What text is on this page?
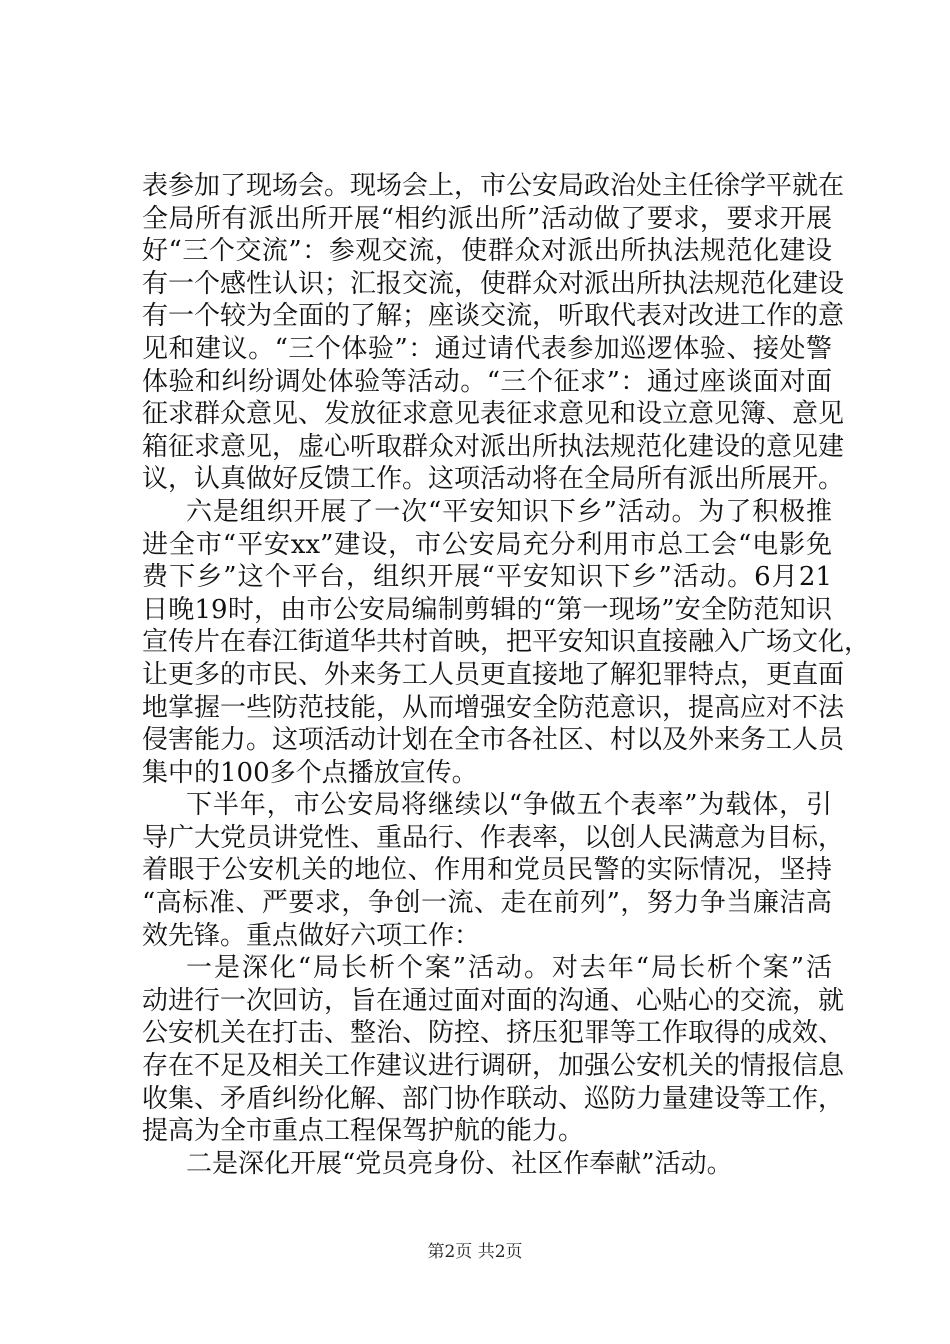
表参加了现场会。现场会上，市公安局政治处主任徐学平就在
全局所有派出所开展“相约派出所”活动做了要求，要求开展
好“三个交流”：参观交流，使群众对派出所执法规范化建设
有一个感性认识；汇报交流，使群众对派出所执法规范化建设
有一个较为全面的了解；座谈交流，听取代表对改进工作的意
见和建议。“三个体验”：通过请代表参加巡逻体验、接处警
体验和纠纷调处体验等活动。“三个征求”：通过座谈面对面
征求群众意见、发放征求意见表征求意见和设立意见簿、意见
箱征求意见，虚心听取群众对派出所执法规范化建设的意见建
议，认真做好反馈工作。这项活动将在全局所有派出所展开。
六是组织开展了一次“平安知识下乡”活动。为了积极推
进全市“平安xx”建设，市公安局充分利用市总工会“电影免
费下乡”这个平台，组织开展“平安知识下乡”活动。6月21
日晚19时，由市公安局编制剪辑的“第一现场”安全防范知识
宣传片在春江街道华共村首映，把平安知识直接融入广场文化，
让更多的市民、外来务工人员更直接地了解犯罪特点，更直面
地掌握一些防范技能，从而增强安全防范意识，提高应对不法
侵害能力。这项活动计划在全市各社区、村以及外来务工人员
集中的100多个点播放宣传。
下半年，市公安局将继续以“争做五个表率”为载体，引
导广大党员讲党性、重品行、作表率，以创人民满意为目标，
着眼于公安机关的地位、作用和党员民警的实际情况，坚持
“高标准、严要求，争创一流、走在前列”，努力争当廉洁高
效先锋。重点做好六项工作：
一是深化“局长析个案”活动。对去年“局长析个案”活
动进行一次回访，旨在通过面对面的沟通、心贴心的交流，就
公安机关在打击、整治、防控、挤压犯罪等工作取得的成效、
存在不足及相关工作建议进行调研，加强公安机关的情报信息
收集、矛盾纠纷化解、部门协作联动、巡防力量建设等工作，
提高为全市重点工程保驾护航的能力。
二是深化开展“党员亮身份、社区作奉献”活动。
第2页 共2页
